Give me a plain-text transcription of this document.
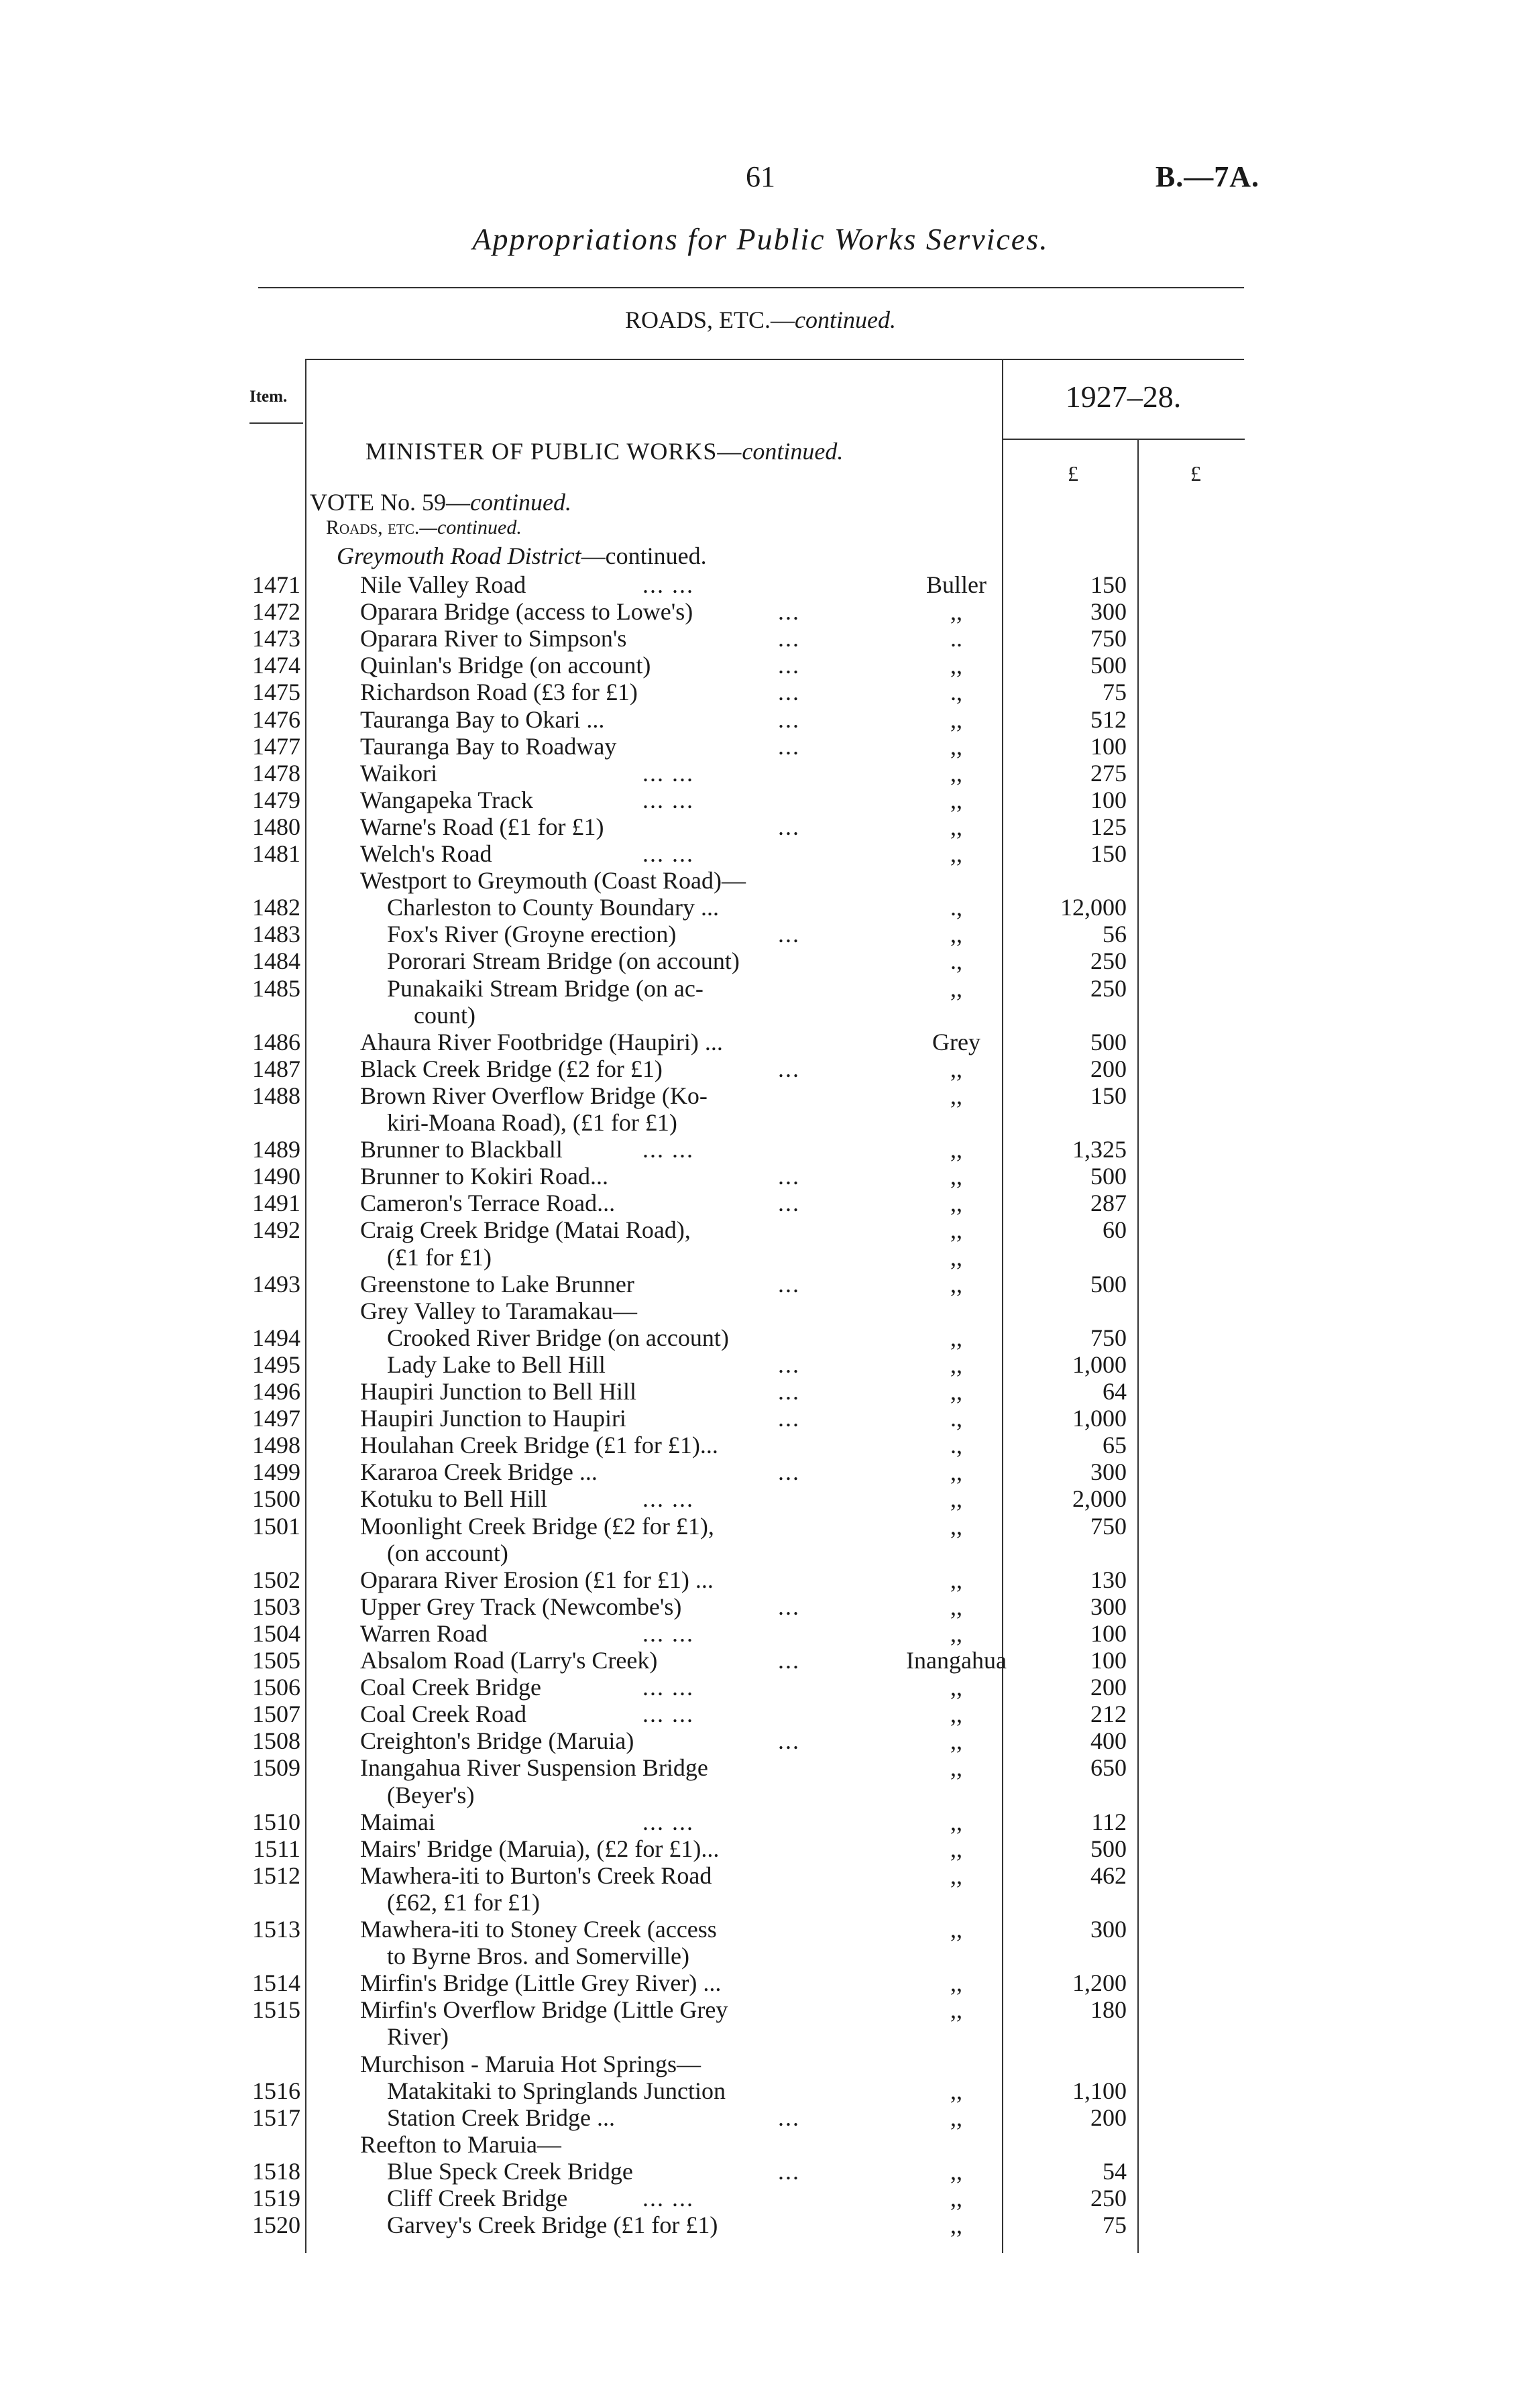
61	B.—7A.
Appropriations for Public Works Services.
ROADS, ETC.—continued.
Item.	1927–28.
£	£
MINISTER OF PUBLIC WORKS—continued.
VOTE No. 59—continued.
Roads, etc.—continued.
Greymouth Road District—continued.
1471 Nile Valley Road	... ...	Buller	150
1472 Oparara Bridge (access to Lowe's)	...	,,	300
1473 Oparara River to Simpson's	...	..	750
1474 Quinlan's Bridge (on account)	...	,,	500
1475 Richardson Road (£3 for £1)	...	.,	75
1476 Tauranga Bay to Okari ...	...	,,	512
1477 Tauranga Bay to Roadway	...	,,	100
1478 Waikori	... ...	,,	275
1479 Wangapeka Track	... ...	,,	100
1480 Warne's Road (£1 for £1)	...	,,	125
1481 Welch's Road	... ...	,,	150
Westport to Greymouth (Coast Road)—
1482	Charleston to County Boundary ...	.,	12,000
1483	Fox's River (Groyne erection)	...	,,	56
1484	Pororari Stream Bridge (on account)	.,	250
1485	Punakaiki Stream Bridge (on ac-	,,	250
count)
1486 Ahaura River Footbridge (Haupiri) ...	Grey	500
1487 Black Creek Bridge (£2 for £1)	...	,,	200
1488 Brown River Overflow Bridge (Ko-	,,	150
kiri-Moana Road), (£1 for £1)
1489 Brunner to Blackball	... ...	,,	1,325
1490 Brunner to Kokiri Road...	...	,,	500
1491 Cameron's Terrace Road...	...	,,	287
1492 Craig Creek Bridge (Matai Road),	,,	60
(£1 for £1)	,,
1493 Greenstone to Lake Brunner	...	,,	500
Grey Valley to Taramakau—
1494	Crooked River Bridge (on account)	,,	750
1495	Lady Lake to Bell Hill	...	,,	1,000
1496 Haupiri Junction to Bell Hill	...	,,	64
1497 Haupiri Junction to Haupiri	...	.,	1,000
1498 Houlahan Creek Bridge (£1 for £1)...	.,	65
1499 Kararoa Creek Bridge ...	...	,,	300
1500 Kotuku to Bell Hill	... ...	,,	2,000
1501 Moonlight Creek Bridge (£2 for £1),	,,	750
(on account)
1502 Oparara River Erosion (£1 for £1) ...	,,	130
1503 Upper Grey Track (Newcombe's)	...	,,	300
1504 Warren Road	... ...	,,	100
1505 Absalom Road (Larry's Creek)	...	Inangahua	100
1506 Coal Creek Bridge	... ...	,,	200
1507 Coal Creek Road	... ...	,,	212
1508 Creighton's Bridge (Maruia)	...	,,	400
1509 Inangahua River Suspension Bridge	,,	650
(Beyer's)
1510 Maimai	... ...	,,	112
1511 Mairs' Bridge (Maruia), (£2 for £1)...	,,	500
1512 Mawhera-iti to Burton's Creek Road	,,	462
(£62, £1 for £1)
1513 Mawhera-iti to Stoney Creek (access	,,	300
to Byrne Bros. and Somerville)
1514 Mirfin's Bridge (Little Grey River) ...	,,	1,200
1515 Mirfin's Overflow Bridge (Little Grey	,,	180
River)
Murchison - Maruia Hot Springs—
1516	Matakitaki to Springlands Junction	,,	1,100
1517	Station Creek Bridge ...	...	,,	200
Reefton to Maruia—
1518	Blue Speck Creek Bridge	...	,,	54
1519	Cliff Creek Bridge	... ...	,,	250
1520	Garvey's Creek Bridge (£1 for £1)	,,	75
